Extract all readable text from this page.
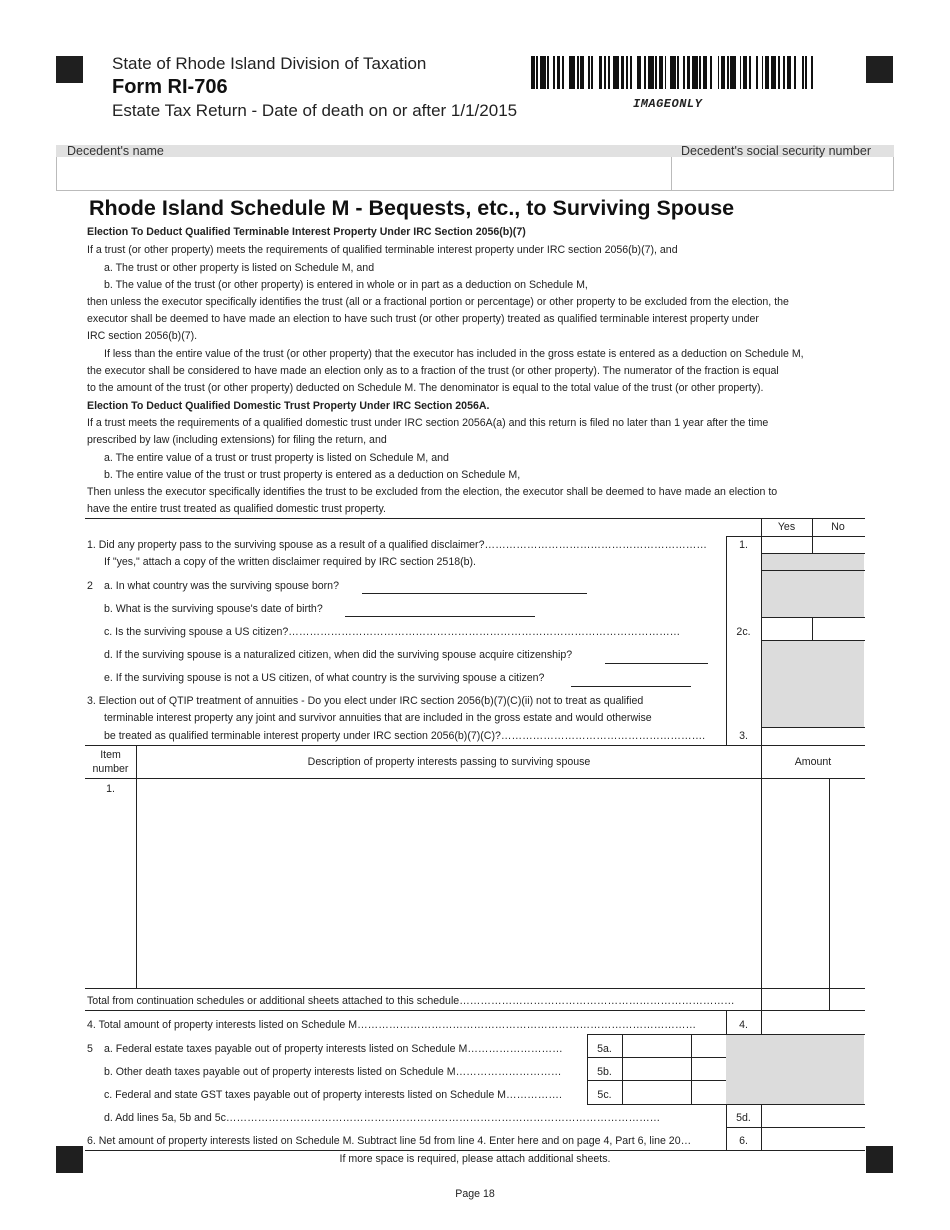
State of Rhode Island Division of Taxation
Form RI-706
Estate Tax Return - Date of death on or after 1/1/2015	IMAGEONLY
Decedent's name	Decedent's social security number
Rhode Island Schedule M - Bequests, etc., to Surviving Spouse
Election To Deduct Qualified Terminable Interest Property Under IRC Section 2056(b)(7)
If a trust (or other property) meets the requirements of qualified terminable interest property under IRC section 2056(b)(7), and
a. The trust or other property is listed on Schedule M, and
b. The value of the trust (or other property) is entered in whole or in part as a deduction on Schedule M,
then unless the executor specifically identifies the trust (all or a fractional portion or percentage) or other property to be excluded from the election, the
executor shall be deemed to have made an election to have such trust (or other property) treated as qualified terminable interest property under
IRC section 2056(b)(7).
If less than the entire value of the trust (or other property) that the executor has included in the gross estate is entered as a deduction on Schedule M,
the executor shall be considered to have made an election only as to a fraction of the trust (or other property). The numerator of the fraction is equal
to the amount of the trust (or other property) deducted on Schedule M. The denominator is equal to the total value of the trust (or other property).
Election To Deduct Qualified Domestic Trust Property Under IRC Section 2056A.
If a trust meets the requirements of a qualified domestic trust under IRC section 2056A(a) and this return is filed no later than 1 year after the time
prescribed by law (including extensions) for filing the return, and
a. The entire value of a trust or trust property is listed on Schedule M, and
b. The entire value of the trust or trust property is entered as a deduction on Schedule M,
Then unless the executor specifically identifies the trust to be excluded from the election, the executor shall be deemed to have made an election to
have the entire trust treated as qualified domestic trust property.
Yes	No
1. Did any property pass to the surviving spouse as a result of a qualified disclaimer?………………………………………………………	1.
If "yes," attach a copy of the written disclaimer required by IRC section 2518(b).
2 a. In what country was the surviving spouse born?
b. What is the surviving spouse's date of birth?
c. Is the surviving spouse a US citizen?…………………………………………………………………………………………………	2c.
d. If the surviving spouse is a naturalized citizen, when did the surviving spouse acquire citizenship?
e. If the surviving spouse is not a US citizen, of what country is the surviving spouse a citizen?
3. Election out of QTIP treatment of annuities - Do you elect under IRC section 2056(b)(7)(C)(ii) not to treat as qualified
terminable interest property any joint and survivor annuities that are included in the gross estate and would otherwise
be treated as qualified terminable interest property under IRC section 2056(b)(7)(C)?………………………………………………….	3.
Item
number
Description of property interests passing to surviving spouse	Amount
1.
Total from continuation schedules or additional sheets attached to this schedule……………………………………………………………………
4. Total amount of property interests listed on Schedule M……………………………………………………………………………………	4.
5 a. Federal estate taxes payable out of property interests listed on Schedule M………………………	5a.
b. Other death taxes payable out of property interests listed on Schedule M…………………………	5b.
c. Federal and state GST taxes payable out of property interests listed on Schedule M…………….	5c.
d. Add lines 5a, 5b and 5c……………………………………………………………………………………………………………	5d.
6. Net amount of property interests listed on Schedule M. Subtract line 5d from line 4. Enter here and on page 4, Part 6, line 20…	6.
If more space is required, please attach additional sheets.
Page 18
